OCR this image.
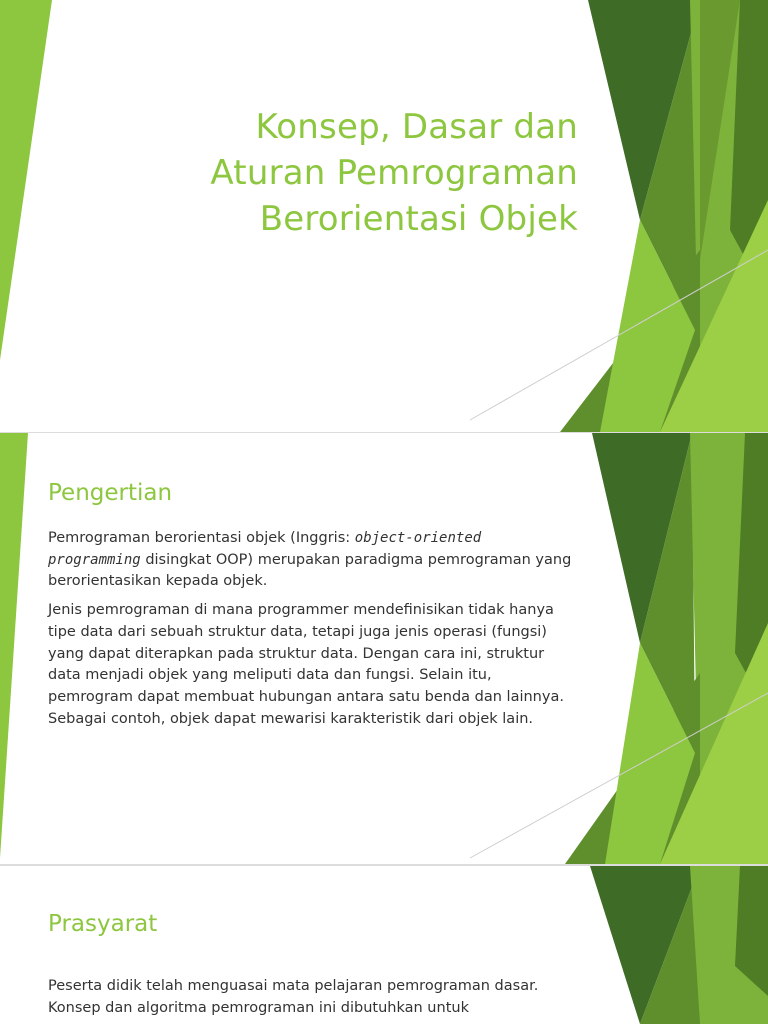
Konsep, Dasar dan
Aturan Pemrograman
Berorientasi Objek
Pengertian

Pemrograman berorientasi objek (Inggris: object-oriented programming disingkat OOP) merupakan paradigma pemrograman yang berorientasikan kepada objek.

Jenis pemrograman di mana programmer mendefinisikan tidak hanya tipe data dari sebuah struktur data, tetapi juga jenis operasi (fungsi) yang dapat diterapkan pada struktur data. Dengan cara ini, struktur data menjadi objek yang meliputi data dan fungsi. Selain itu, pemrogram dapat membuat hubungan antara satu benda dan lainnya. Sebagai contoh, objek dapat mewarisi karakteristik dari objek lain.

Prasyarat

Peserta didik telah menguasai mata pelajaran pemrograman dasar. Konsep dan algoritma pemrograman ini dibutuhkan untuk
